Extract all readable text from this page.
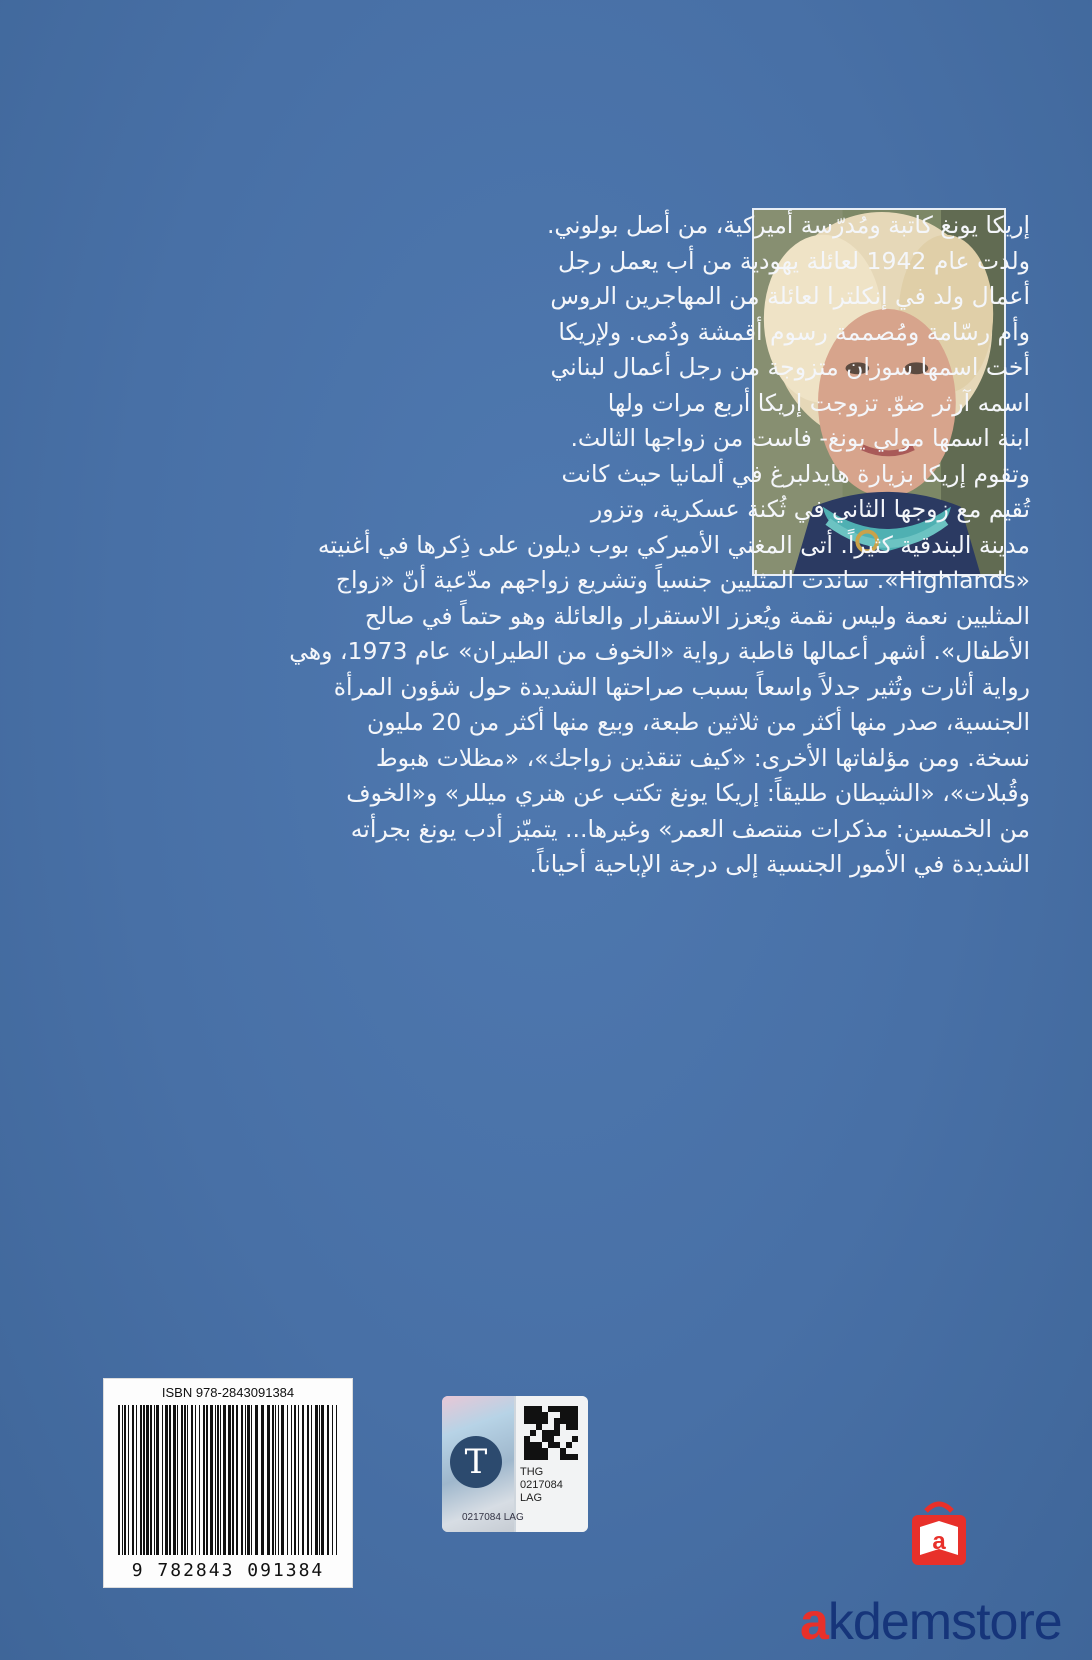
إريكا يونغ كاتبة ومُدرّسة أميركية، من أصل بولوني.
ولدت عام 1942 لعائلة يهودية من أب يعمل رجل
أعمال ولد في إنكلترا لعائلة من المهاجرين الروس
وأم رسّامة ومُصممة رسوم أقمشة ودُمى. ولإريكا
أخت اسمها سوزان متزوجة من رجل أعمال لبناني
اسمه آرثر ضوّ. تزوجت إريكا أربع مرات ولها
ابنة اسمها مولي يونغ- فاست من زواجها الثالث.
وتقوم إريكا بزيارة هايدلبرغ في ألمانيا حيث كانت
تُقيم مع زوجها الثاني في ثُكنة عسكرية، وتزور
مدينة البندقية كثيراً. أتى المغني الأميركي بوب ديلون على ذِكرها في أغنيته
«Highlands». ساندت المثليين جنسياً وتشريع زواجهم مدّعية أنّ «زواج
المثليين نعمة وليس نقمة ويُعزز الاستقرار والعائلة وهو حتماً في صالح
الأطفال». أشهر أعمالها قاطبة رواية «الخوف من الطيران» عام 1973، وهي
رواية أثارت وتُثير جدلاً واسعاً بسبب صراحتها الشديدة حول شؤون المرأة
الجنسية، صدر منها أكثر من ثلاثين طبعة، وبيع منها أكثر من 20 مليون
نسخة. ومن مؤلفاتها الأخرى: «كيف تنقذين زواجك»، «مظلات هبوط
وقُبلات»، «الشيطان طليقاً: إريكا يونغ تكتب عن هنري ميللر» و«الخوف
من الخمسين: مذكرات منتصف العمر» وغيرها... يتميّز أدب يونغ بجرأته
الشديدة في الأمور الجنسية إلى درجة الإباحية أحياناً.
ISBN 978-2843091384
9 782843 091384
T	THG
0217084
LAG
0217084 LAG
a
akdemstore
